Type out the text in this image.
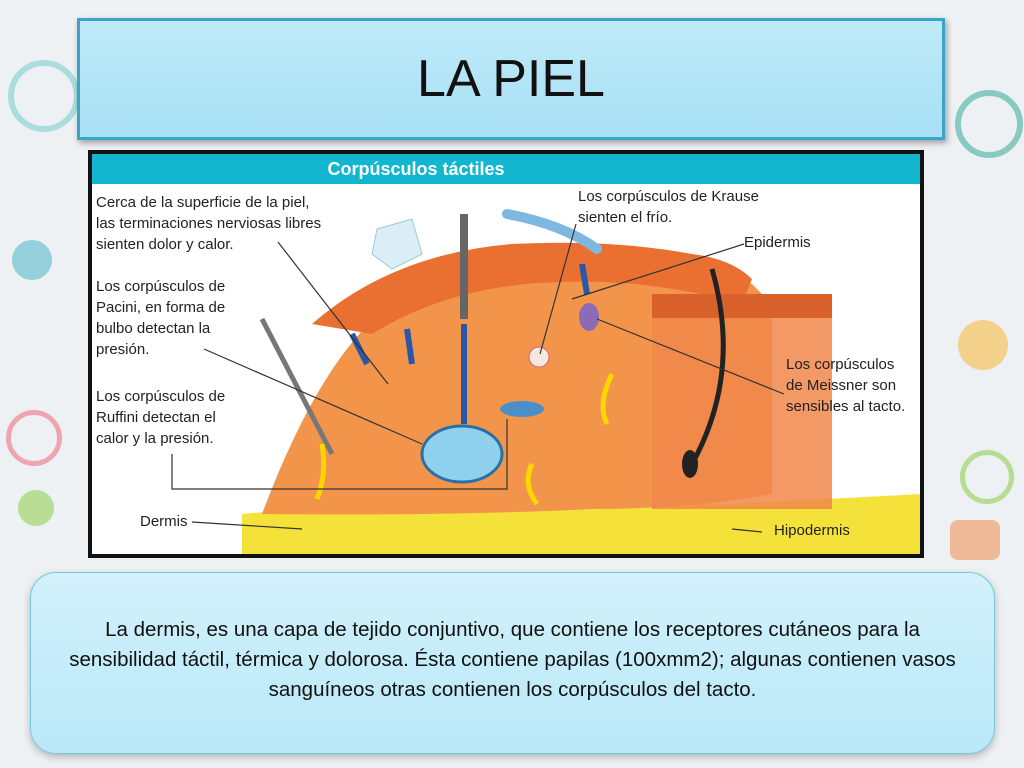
LA PIEL
Corpúsculos táctiles
Cerca de la superficie de la piel,
las terminaciones nerviosas libres
sienten dolor y calor.
Los corpúsculos de
Pacini, en forma de
bulbo detectan la
presión.
Los corpúsculos de
Ruffini detectan el
calor y la presión.
Dermis
Los corpúsculos de Krause
sienten el frío.
Epidermis
Los corpúsculos
de Meissner son
sensibles al tacto.
Hipodermis

La dermis, es una capa de tejido conjuntivo, que contiene los receptores cutáneos para la sensibilidad táctil, térmica y dolorosa. Ésta contiene papilas (100xmm2); algunas contienen vasos sanguíneos otras contienen los corpúsculos del tacto.
